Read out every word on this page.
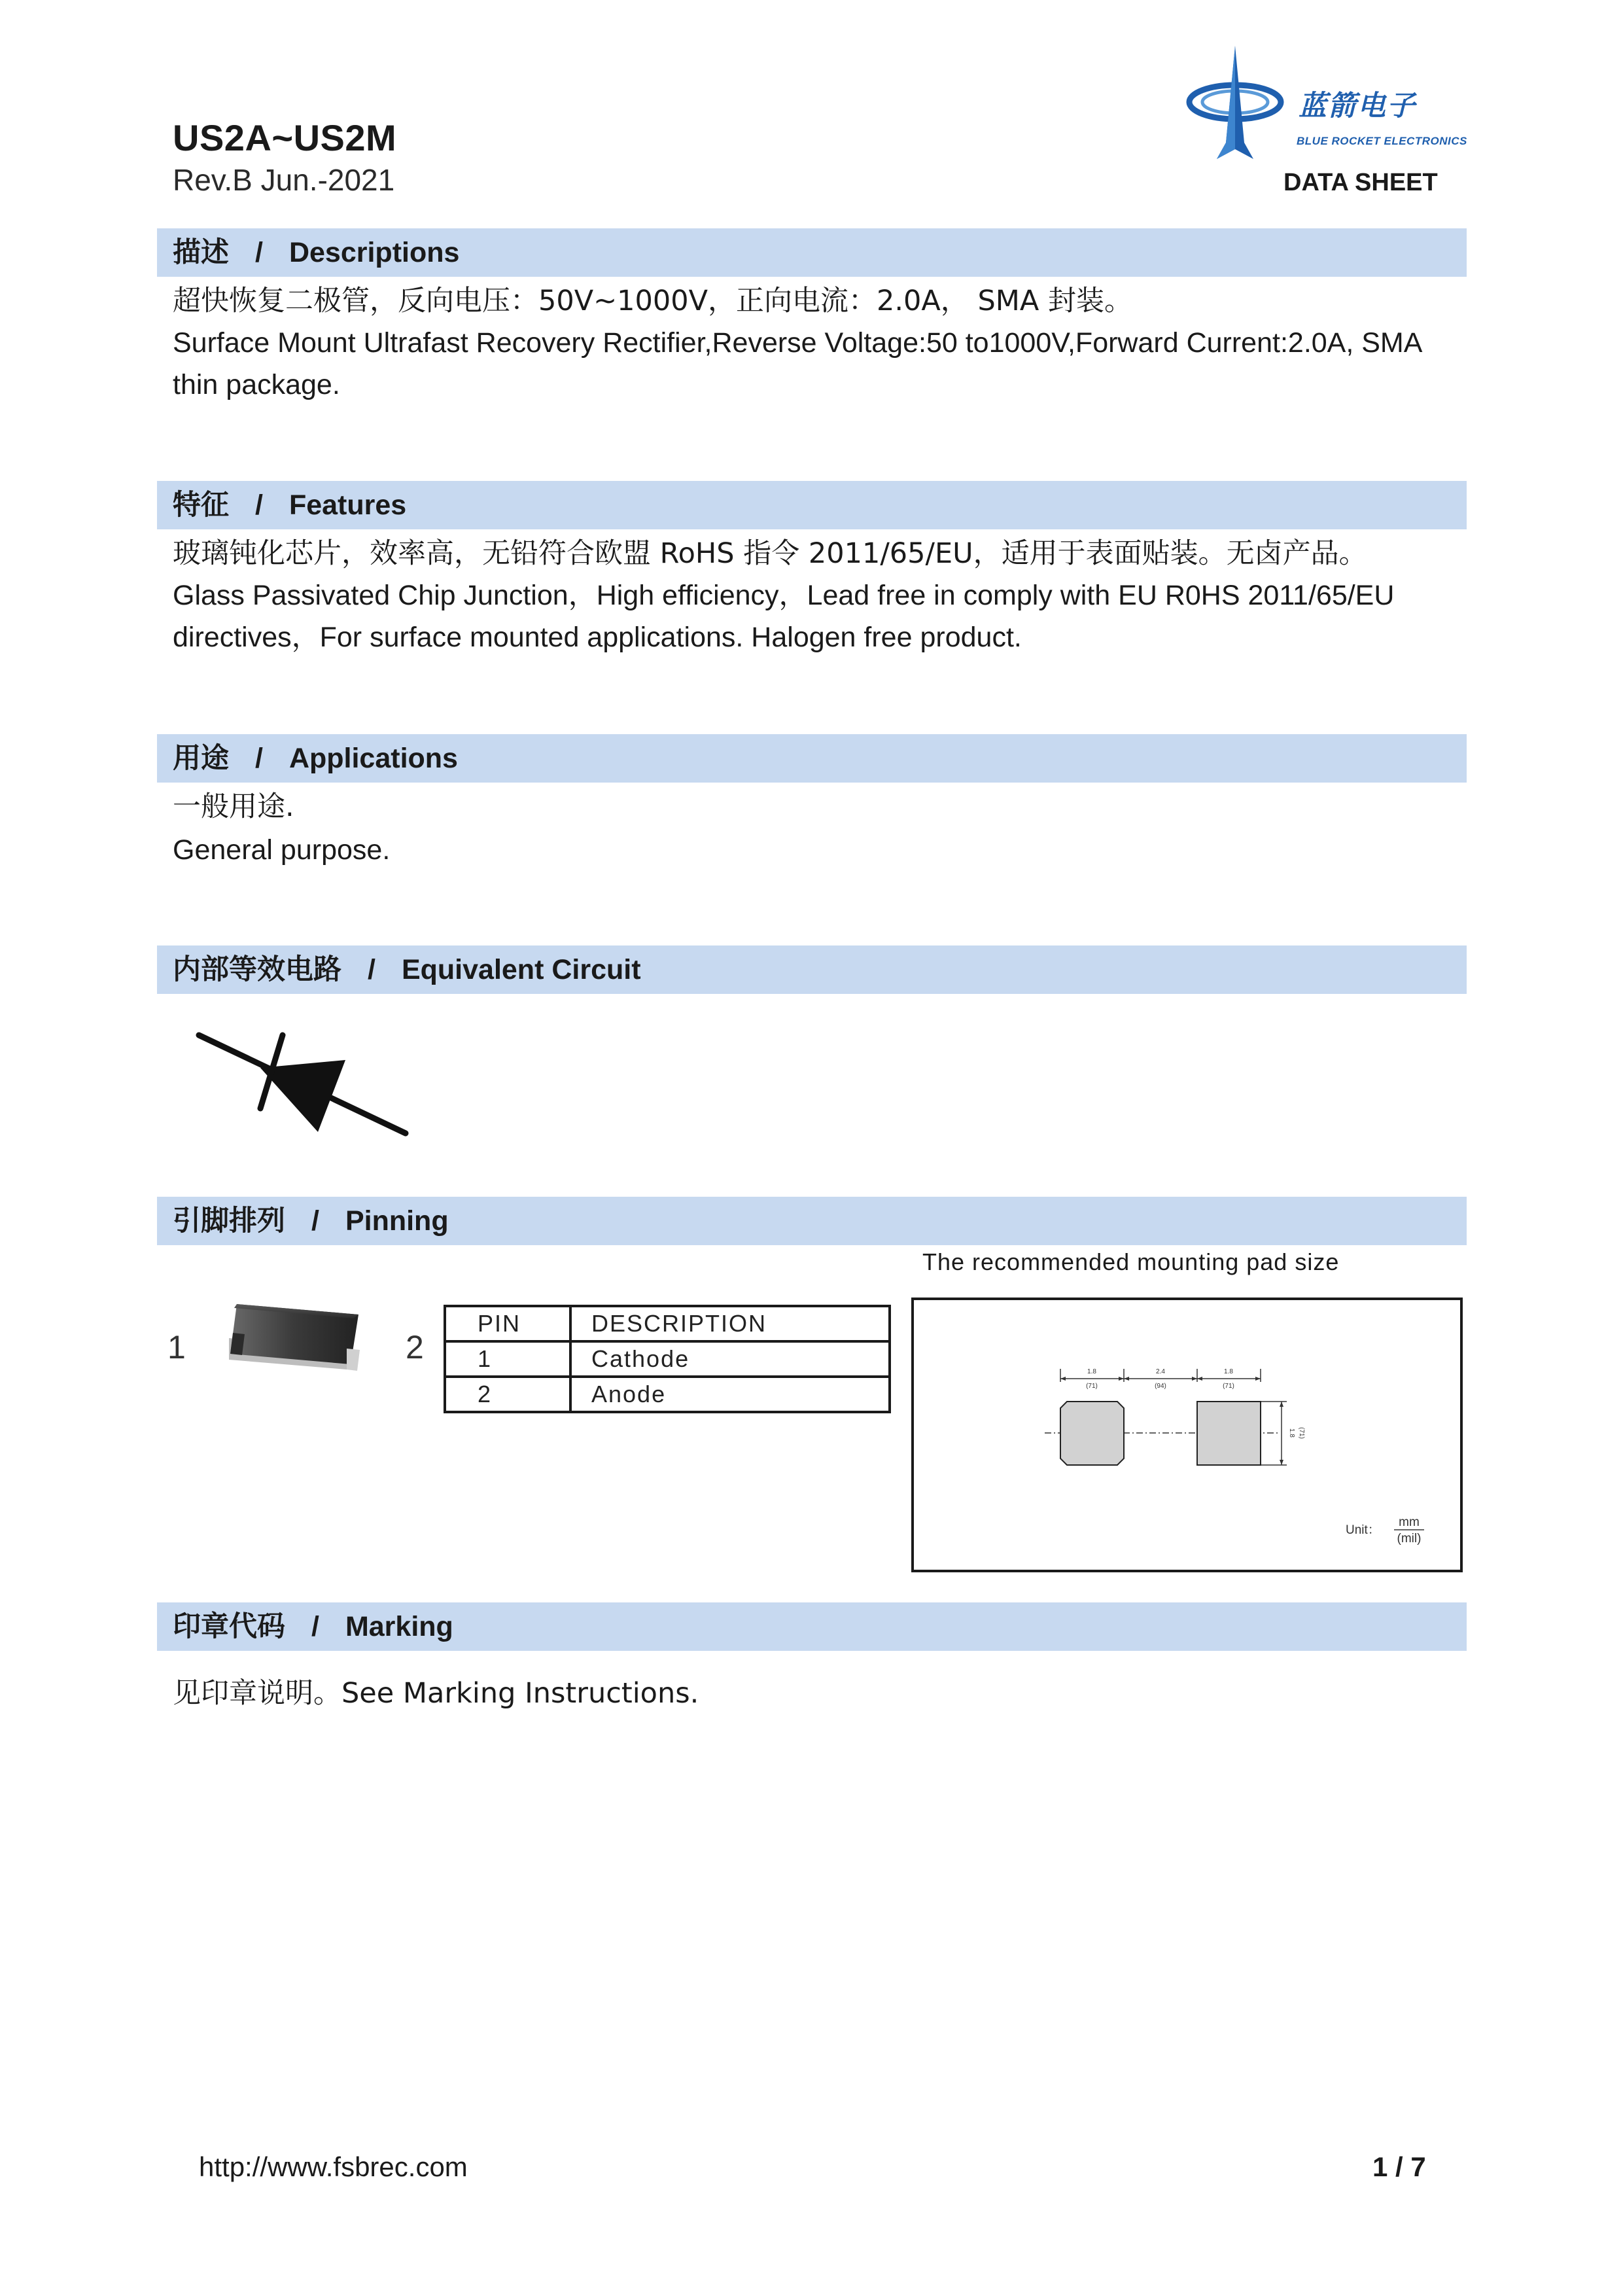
US2A~US2M
Rev.B Jun.-2021
蓝箭电子
BLUE ROCKET ELECTRONICS
DATA SHEET
描述 / Descriptions
超快恢复二极管，反向电压：50V~1000V，正向电流：2.0A， SMA 封装。
Surface Mount Ultrafast Recovery Rectifier,Reverse Voltage:50 to1000V,Forward Current:2.0A, SMA
thin package.
特征 / Features
玻璃钝化芯片，效率高，无铅符合欧盟 RoHS 指令 2011/65/EU，适用于表面贴装。无卤产品。
Glass Passivated Chip Junction，High efficiency，Lead free in comply with EU R0HS 2011/65/EU
directives，For surface mounted applications. Halogen free product.
用途 / Applications
一般用途.
General purpose.
内部等效电路 / Equivalent Circuit
引脚排列 / Pinning
The recommended mounting pad size
1	2
PIN	DESCRIPTION
1	Cathode
2	Anode
1.8
(71)
2.4
(94)
1.8
(71)
1.8 (71)
Unit：
mm
(mil)
印章代码 / Marking
见印章说明。See Marking Instructions.
http://www.fsbrec.com	1 / 7
